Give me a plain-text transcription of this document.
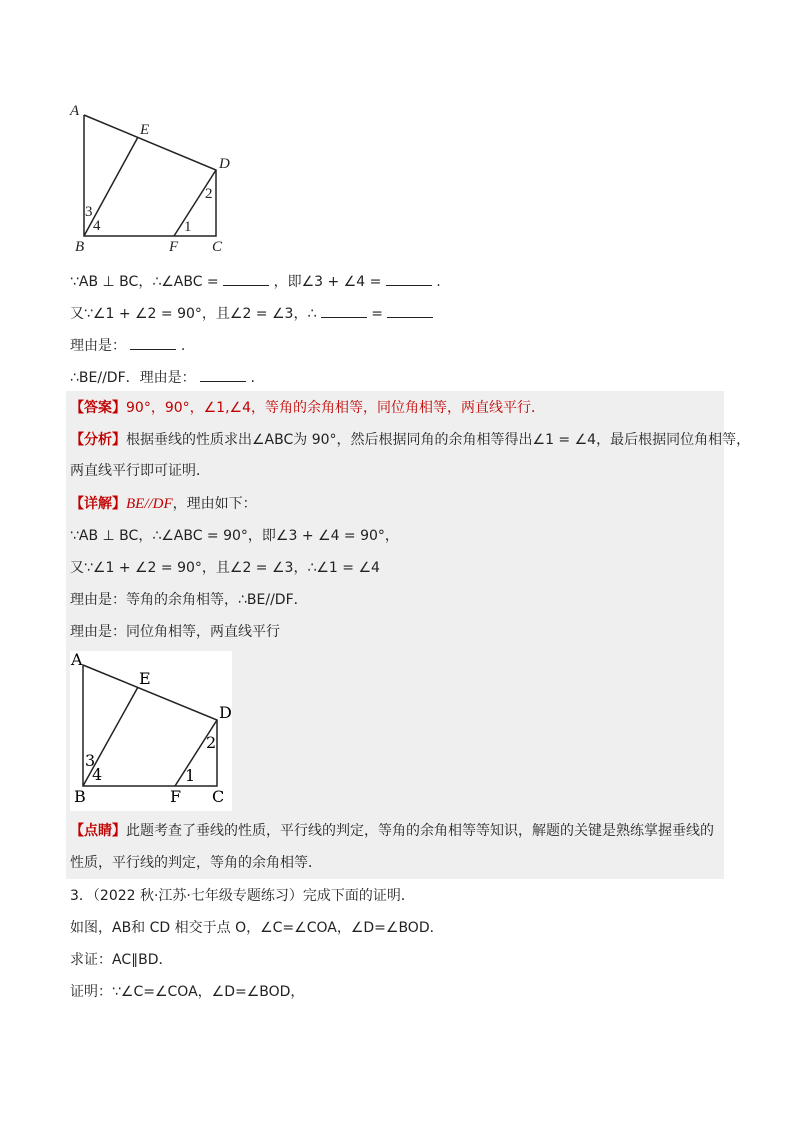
A
E
D
2
3
4	1
B	F C
∵AB ⊥ BC，∴∠ABC =	，即∠3 + ∠4 =	.
又∵∠1 + ∠2 = 90°，且∠2 = ∠3，∴	=
理由是：	.
∴BE//DF．理由是：	.
【答案】90°，90°，∠1,∠4，等角的余角相等，同位角相等，两直线平行．
【分析】根据垂线的性质求出∠ABC为 90°，然后根据同角的余角相等得出∠1 = ∠4，最后根据同位角相等，
两直线平行即可证明．
【详解】BE//DF，理由如下：
∵AB ⊥ BC，∴∠ABC = 90°，即∠3 + ∠4 = 90°，
又∵∠1 + ∠2 = 90°，且∠2 = ∠3，∴∠1 = ∠4
理由是：等角的余角相等，∴BE//DF．
理由是：同位角相等，两直线平行
【点睛】此题考查了垂线的性质，平行线的判定，等角的余角相等等知识，解题的关键是熟练掌握垂线的
性质，平行线的判定，等角的余角相等．
A
E
D
2
3
4	1
B	F C
3．（2022 秋·江苏·七年级专题练习）完成下面的证明．
如图，AB和 CD 相交于点 O，∠C=∠COA，∠D=∠BOD．
求证：AC∥BD．
证明：∵∠C=∠COA，∠D=∠BOD，
